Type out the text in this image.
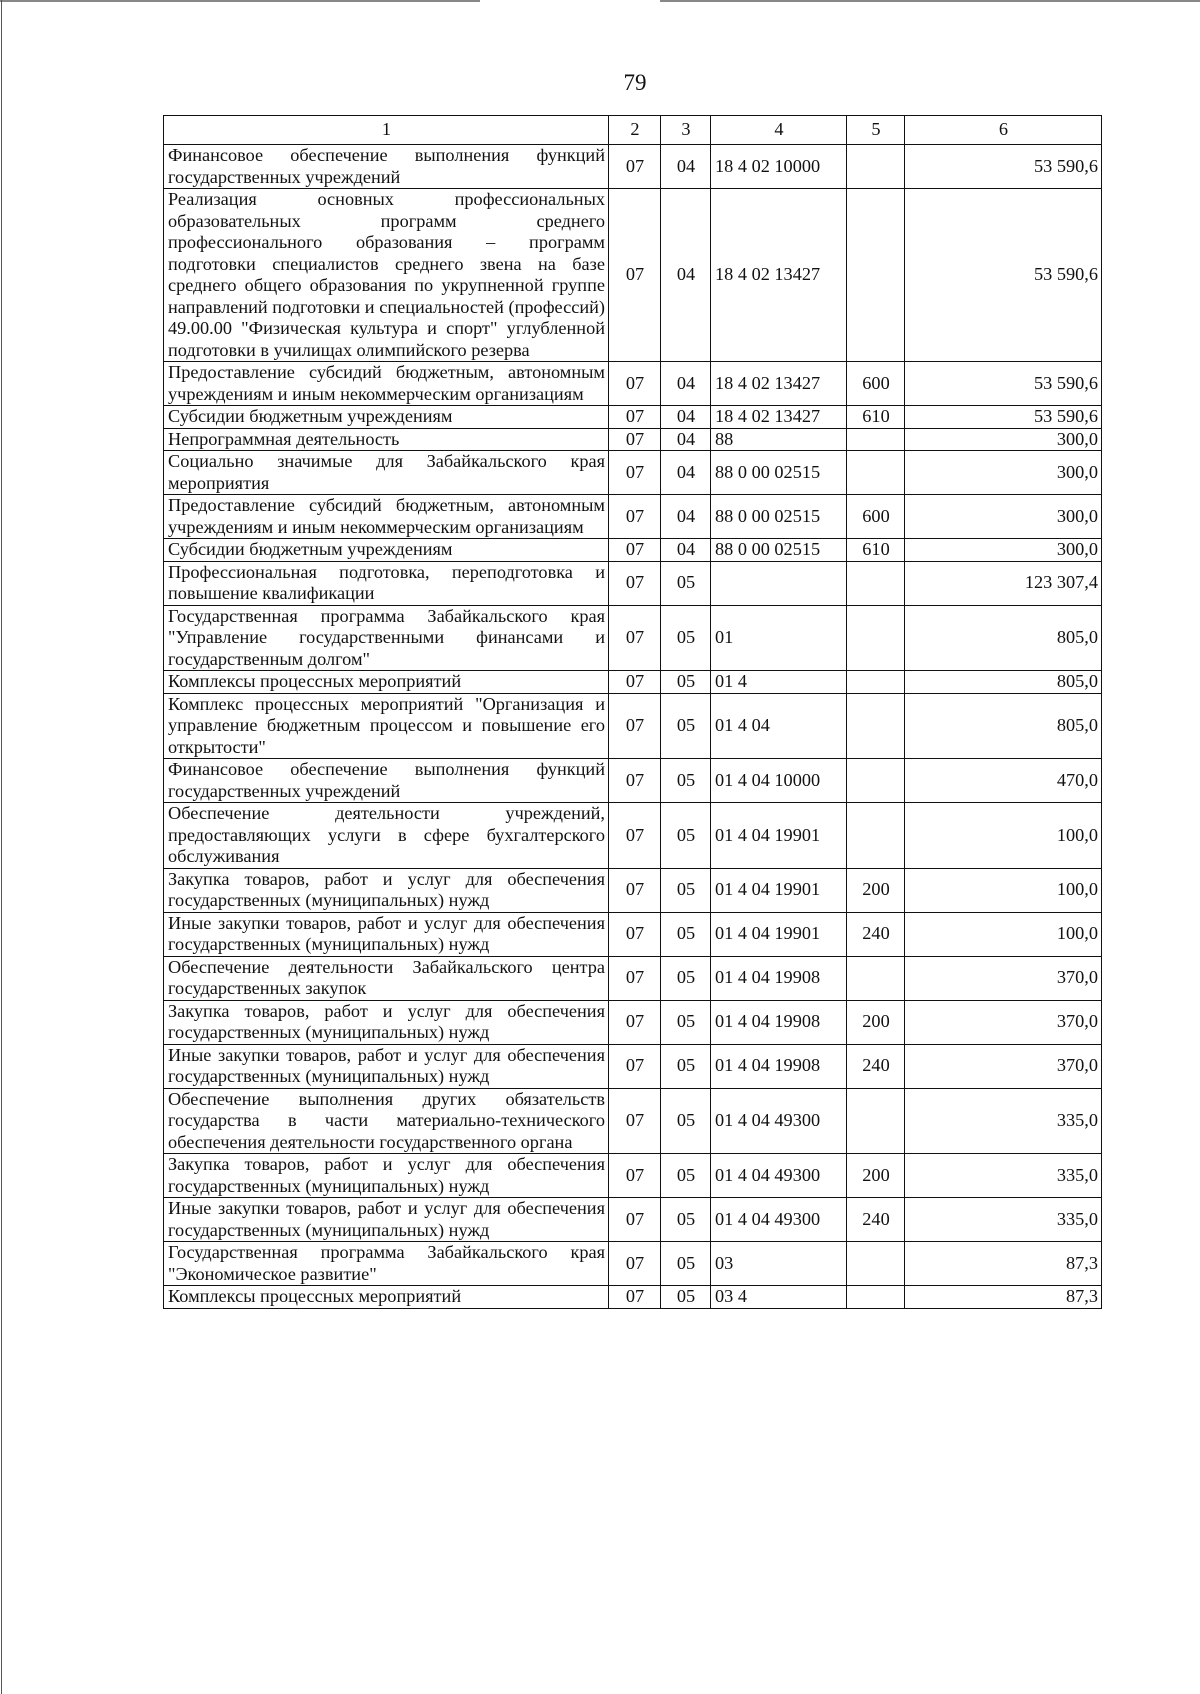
79
1	2	3	4	5	6
Финансовое обеспечение выполнения функций государственных учреждений	07	04	18 4 02 10000		53 590,6
Реализация основных профессиональных образовательных программ среднего профессионального образования – программ подготовки специалистов среднего звена на базе среднего общего образования по укрупненной группе направлений подготовки и специальностей (профессий) 49.00.00 "Физическая культура и спорт" углубленной подготовки в училищах олимпийского резерва	07	04	18 4 02 13427		53 590,6
Предоставление субсидий бюджетным, автономным учреждениям и иным некоммерческим организациям	07	04	18 4 02 13427	600	53 590,6
Субсидии бюджетным учреждениям	07	04	18 4 02 13427	610	53 590,6
Непрограммная деятельность	07	04	88		300,0
Социально значимые для Забайкальского края мероприятия	07	04	88 0 00 02515		300,0
Предоставление субсидий бюджетным, автономным учреждениям и иным некоммерческим организациям	07	04	88 0 00 02515	600	300,0
Субсидии бюджетным учреждениям	07	04	88 0 00 02515	610	300,0
Профессиональная подготовка, переподготовка и повышение квалификации	07	05			123 307,4
Государственная программа Забайкальского края "Управление государственными финансами и государственным долгом"	07	05	01		805,0
Комплексы процессных мероприятий	07	05	01 4		805,0
Комплекс процессных мероприятий "Организация и управление бюджетным процессом и повышение его открытости"	07	05	01 4 04		805,0
Финансовое обеспечение выполнения функций государственных учреждений	07	05	01 4 04 10000		470,0
Обеспечение деятельности учреждений, предоставляющих услуги в сфере бухгалтерского обслуживания	07	05	01 4 04 19901		100,0
Закупка товаров, работ и услуг для обеспечения государственных (муниципальных) нужд	07	05	01 4 04 19901	200	100,0
Иные закупки товаров, работ и услуг для обеспечения государственных (муниципальных) нужд	07	05	01 4 04 19901	240	100,0
Обеспечение деятельности Забайкальского центра государственных закупок	07	05	01 4 04 19908		370,0
Закупка товаров, работ и услуг для обеспечения государственных (муниципальных) нужд	07	05	01 4 04 19908	200	370,0
Иные закупки товаров, работ и услуг для обеспечения государственных (муниципальных) нужд	07	05	01 4 04 19908	240	370,0
Обеспечение выполнения других обязательств государства в части материально-технического обеспечения деятельности государственного органа	07	05	01 4 04 49300		335,0
Закупка товаров, работ и услуг для обеспечения государственных (муниципальных) нужд	07	05	01 4 04 49300	200	335,0
Иные закупки товаров, работ и услуг для обеспечения государственных (муниципальных) нужд	07	05	01 4 04 49300	240	335,0
Государственная программа Забайкальского края "Экономическое развитие"	07	05	03		87,3
Комплексы процессных мероприятий	07	05	03 4		87,3
